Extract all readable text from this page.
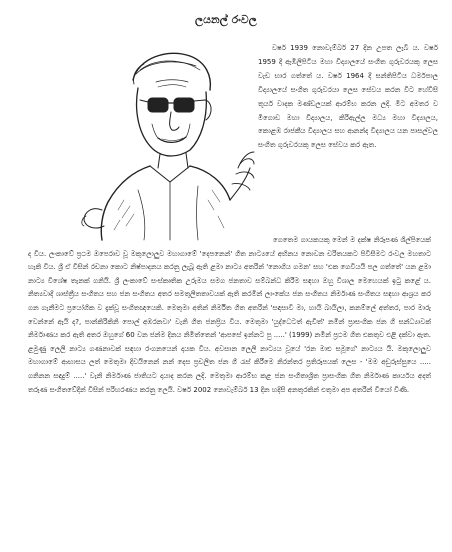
ලයනල් රංවල

වර්ෂ 1939 නොවැම්බර් 27 දින උපත ලැබී ය. වර්ෂ 1959 දී ඇඹිලිපිටිය මහා විද්‍යාලයේ සංගීත ගුරුවරයකු ලෙස වැඩ භාර ගත්තේ ය. වර්ෂ 1964 දී සන්තිපිටිය ධර්මපාල විද්‍යාලයේ සංගීත ගුරුවරයා ලෙස සේවය කරන විට හේවිසි තූර්ය වාදක මණ්ඩලයක් ආරම්භ කරන ලදි. මීට අමතර ව මීගොඩ මහා විද්‍යාලය, කිරිඇල්ල මධ්‍ය මහා විද්‍යාලය, කොළඹ රාජකීය විද්‍යාලය සහ ආනන්ද විද්‍යාලය යන පාසල්වල සංගීත ගුරුවරයකු ලෙස සේවය කර ඇත.

ගෙතෙම ගායකයකු මෙන් ම දක්ෂ නිරූපණ ශිල්පියෙක් ද විය. ලංකාවේ ප්‍රථම ඔපෙරාව වූ මකුලොලුව මහාගාමේ 'දෙපනෙන්' ගීත නාට්‍යයේ අභිනය නොවන චරිතයකට පිවිසීමට රංවල මහතාට හැකි විය. ශ්‍රී ඒ විසින් රචනා කොට නිෂ්පාදනය කරනු ලැබූ ඇති ළමා නාට්‍ය අතරින් 'නොගිය ගමන' සහ 'එක ගෙවියයි පල ගත්තේ' යන ළමා නාට්‍ය විශේෂ තැනක් ගනියි. ශ්‍රී ලංකාවේ සංස්කෘතික උරුමය සමග ජනතාව සම්බන්ධ කිරීම සඳහා ඔහු විශාල මෙහෙයක් ඉටු කළේ ය. නිත්‍යවාදී ශාස්ත්‍රීය සංගීතය සහ ජන සංගීතය අතර සමතුලිතතාවයක් ඇති කරමින් ලාංකේය ජන සංගීතය නිර්මාණ සංගීතය සඳහා ආශ්‍රය කර ගන ගැනීමට ප්‍රයෝගික ව දැක්වූ සංගීතඥයෙකි. මෙතුමා අතින් නිර්මිත ගීත අතරින් 'සඳසාවී මා, හායි බායිලා, කනම්ලේ අත්තර, පාර මාරු වෙන්නේ ඇයි ද?, පාන්කිරිකිනි පොල් අඹරනවා' වැනි ගීත ජනප්‍රිය විය. මෙතුමා 'යුද්ධෙටත් ඇවිත්' නමින් ප්‍රාසංගික ජන ගී සන්ධ්‍යාවක් නිර්මාණය කර ඇති අතර ඔහුගේ 60 වන ජන්ම දිනය නිමිත්තෙන් 'ආපසේ ඉන්නට පු .....' (1999) නමින් ප්‍රථම ගීත එකතුව එළි දක්වා ඇත. ළමුණු ලෙලි නාට්‍ය ගණනාවක් සඳහා රංගනයෙන් දායක විය. අවසාන ලෙලි නාට්‍යය වූයේ 'රන මාළු සමූගේ' නාට්‍යය යි. මකුලොලුව මහාගාමේ ආභාසය ලත් මෙතුමා දිවයිනෙන් නන් දෙස ප්‍රචලිත ජන ගී රැස් කිරීමෙ නිරන්තර ප්‍රතිරූපයක් ලෙස - 'මම අඩුරුස්සුයෙ ..... ගනිනන සඳදුම් .....' වැනි නිර්මාණ ජාතියට දායාද කරන ලදි. මෙතුමා ආරම්භ කළ ජන සංගීතාශ්‍රිත ප්‍රාසංගික ගීත නිර්මාණ කාර්යය අදත් තරුණ සංගීතවේදීන් විසින් පරිහරණය කරනු ලෙයි. වර්ෂ 2002 නොවැම්බර් 13 දින හදිසි අනතුරකින් එතුමා අප අතරින් වියෝ විණි.
